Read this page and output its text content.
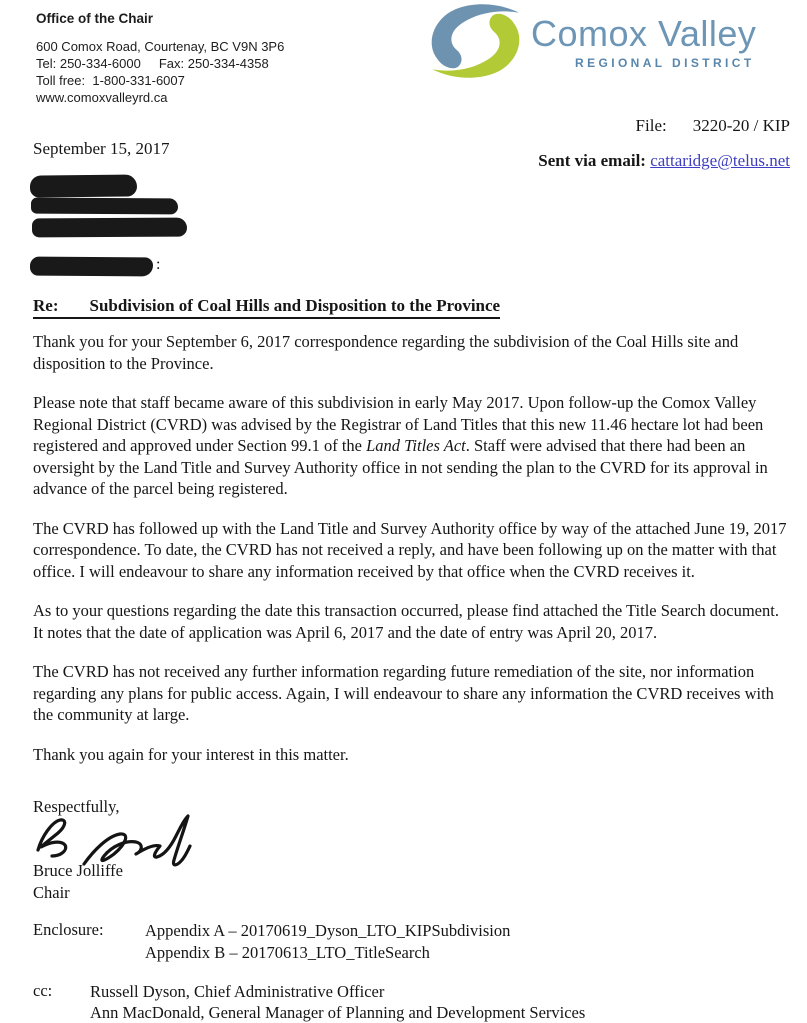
Office of the Chair
600 Comox Road, Courtenay, BC V9N 3P6
Tel: 250-334-6000     Fax: 250-334-4358
Toll free:  1-800-331-6007
www.comoxvalleyrd.ca
Comox Valley
REGIONAL DISTRICT
File: 3220-20 / KIP
September 15, 2017
Sent via email: cattaridge@telus.net
:
Re: Subdivision of Coal Hills and Disposition to the Province

Thank you for your September 6, 2017 correspondence regarding the subdivision of the Coal Hills site and disposition to the Province.

Please note that staff became aware of this subdivision in early May 2017. Upon follow-up the Comox Valley Regional District (CVRD) was advised by the Registrar of Land Titles that this new 11.46 hectare lot had been registered and approved under Section 99.1 of the Land Titles Act. Staff were advised that there had been an oversight by the Land Title and Survey Authority office in not sending the plan to the CVRD for its approval in advance of the parcel being registered.

The CVRD has followed up with the Land Title and Survey Authority office by way of the attached June 19, 2017 correspondence. To date, the CVRD has not received a reply, and have been following up on the matter with that office. I will endeavour to share any information received by that office when the CVRD receives it.

As to your questions regarding the date this transaction occurred, please find attached the Title Search document. It notes that the date of application was April 6, 2017 and the date of entry was April 20, 2017.

The CVRD has not received any further information regarding future remediation of the site, nor information regarding any plans for public access. Again, I will endeavour to share any information the CVRD receives with the community at large.

Thank you again for your interest in this matter.

Respectfully,
Bruce Jolliffe
Chair
Enclosure:	Appendix A – 20170619_Dyson_LTO_KIPSubdivision
Appendix B – 20170613_LTO_TitleSearch
cc: Russell Dyson, Chief Administrative Officer
Ann MacDonald, General Manager of Planning and Development Services
